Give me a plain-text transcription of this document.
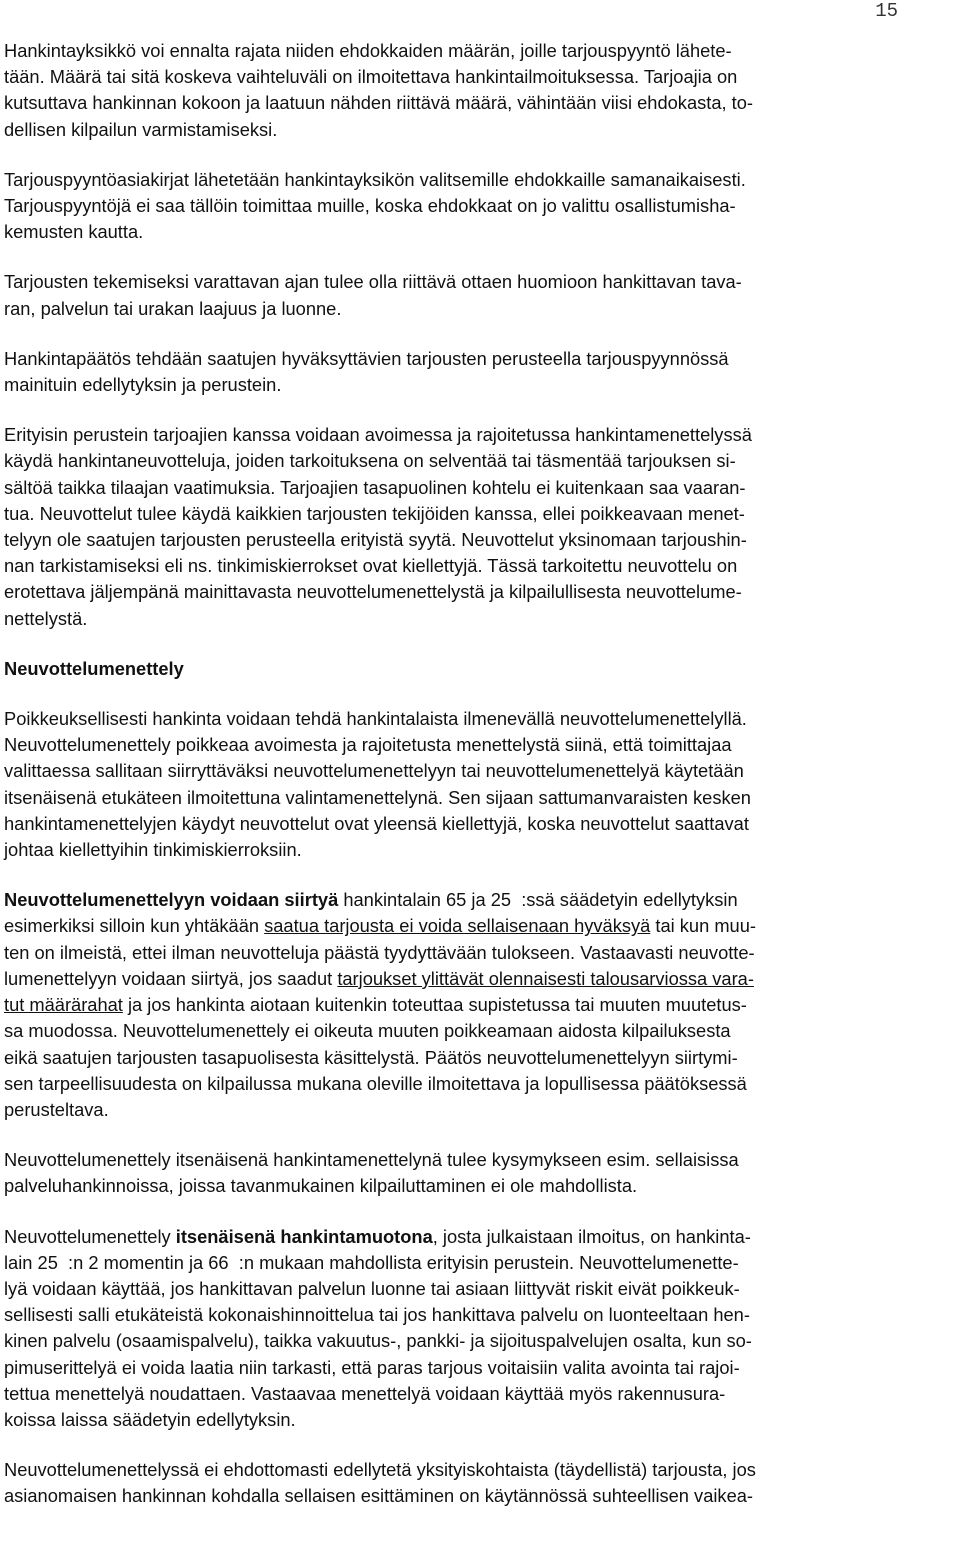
15

Hankintayksikkö voi ennalta rajata niiden ehdokkaiden määrän, joille tarjouspyyntö lähete-
tään. Määrä tai sitä koskeva vaihteluväli on ilmoitettava hankintailmoituksessa. Tarjoajia on
kutsuttava hankinnan kokoon ja laatuun nähden riittävä määrä, vähintään viisi ehdokasta, to-
dellisen kilpailun varmistamiseksi.

Tarjouspyyntöasiakirjat lähetetään hankintayksikön valitsemille ehdokkaille samanaikaisesti.
Tarjouspyyntöjä ei saa tällöin toimittaa muille, koska ehdokkaat on jo valittu osallistumisha-
kemusten kautta.

Tarjousten tekemiseksi varattavan ajan tulee olla riittävä ottaen huomioon hankittavan tava-
ran, palvelun tai urakan laajuus ja luonne.

Hankintapäätös tehdään saatujen hyväksyttävien tarjousten perusteella tarjouspyynnössä
mainituin edellytyksin ja perustein.

Erityisin perustein tarjoajien kanssa voidaan avoimessa ja rajoitetussa hankintamenettelyssä
käydä hankintaneuvotteluja, joiden tarkoituksena on selventää tai täsmentää tarjouksen si-
sältöä taikka tilaajan vaatimuksia. Tarjoajien tasapuolinen kohtelu ei kuitenkaan saa vaaran-
tua. Neuvottelut tulee käydä kaikkien tarjousten tekijöiden kanssa, ellei poikkeavaan menet-
telyyn ole saatujen tarjousten perusteella erityistä syytä. Neuvottelut yksinomaan tarjoushin-
nan tarkistamiseksi eli ns. tinkimiskierrokset ovat kiellettyjä. Tässä tarkoitettu neuvottelu on
erotettava jäljempänä mainittavasta neuvottelumenettelystä ja kilpailullisesta neuvottelume-
nettelystä.

Neuvottelumenettely

Poikkeuksellisesti hankinta voidaan tehdä hankintalaista ilmenevällä neuvottelumenettelyllä.
Neuvottelumenettely poikkeaa avoimesta ja rajoitetusta menettelystä siinä, että toimittajaa
valittaessa sallitaan siirryttäväksi neuvottelumenettelyyn tai neuvottelumenettelyä käytetään
itsenäisenä etukäteen ilmoitettuna valintamenettelynä. Sen sijaan sattumanvaraisten kesken
hankintamenettelyjen käydyt neuvottelut ovat yleensä kiellettyjä, koska neuvottelut saattavat
johtaa kiellettyihin tinkimiskierroksiin.

Neuvottelumenettelyyn voidaan siirtyä hankintalain 65 ja 25  :ssä säädetyin edellytyksin
esimerkiksi silloin kun yhtäkään saatua tarjousta ei voida sellaisenaan hyväksyä tai kun muu-
ten on ilmeistä, ettei ilman neuvotteluja päästä tyydyttävään tulokseen. Vastaavasti neuvotte-
lumenettelyyn voidaan siirtyä, jos saadut tarjoukset ylittävät olennaisesti talousarviossa vara-
tut määrärahat ja jos hankinta aiotaan kuitenkin toteuttaa supistetussa tai muuten muutetus-
sa muodossa. Neuvottelumenettely ei oikeuta muuten poikkeamaan aidosta kilpailuksesta
eikä saatujen tarjousten tasapuolisesta käsittelystä. Päätös neuvottelumenettelyyn siirtymi-
sen tarpeellisuudesta on kilpailussa mukana oleville ilmoitettava ja lopullisessa päätöksessä
perusteltava.

Neuvottelumenettely itsenäisenä hankintamenettelynä tulee kysymykseen esim. sellaisissa
palveluhankinnoissa, joissa tavanmukainen kilpailuttaminen ei ole mahdollista.

Neuvottelumenettely itsenäisenä hankintamuotona, josta julkaistaan ilmoitus, on hankinta-
lain 25  :n 2 momentin ja 66  :n mukaan mahdollista erityisin perustein. Neuvottelumenette-
lyä voidaan käyttää, jos hankittavan palvelun luonne tai asiaan liittyvät riskit eivät poikkeuk-
sellisesti salli etukäteistä kokonaishinnoittelua tai jos hankittava palvelu on luonteeltaan hen-
kinen palvelu (osaamispalvelu), taikka vakuutus-, pankki- ja sijoituspalvelujen osalta, kun so-
pimuserittelyä ei voida laatia niin tarkasti, että paras tarjous voitaisiin valita avointa tai rajoi-
tettua menettelyä noudattaen. Vastaavaa menettelyä voidaan käyttää myös rakennusura-
koissa laissa säädetyin edellytyksin.

Neuvottelumenettelyssä ei ehdottomasti edellytetä yksityiskohtaista (täydellistä) tarjousta, jos
asianomaisen hankinnan kohdalla sellaisen esittäminen on käytännössä suhteellisen vaikea-
